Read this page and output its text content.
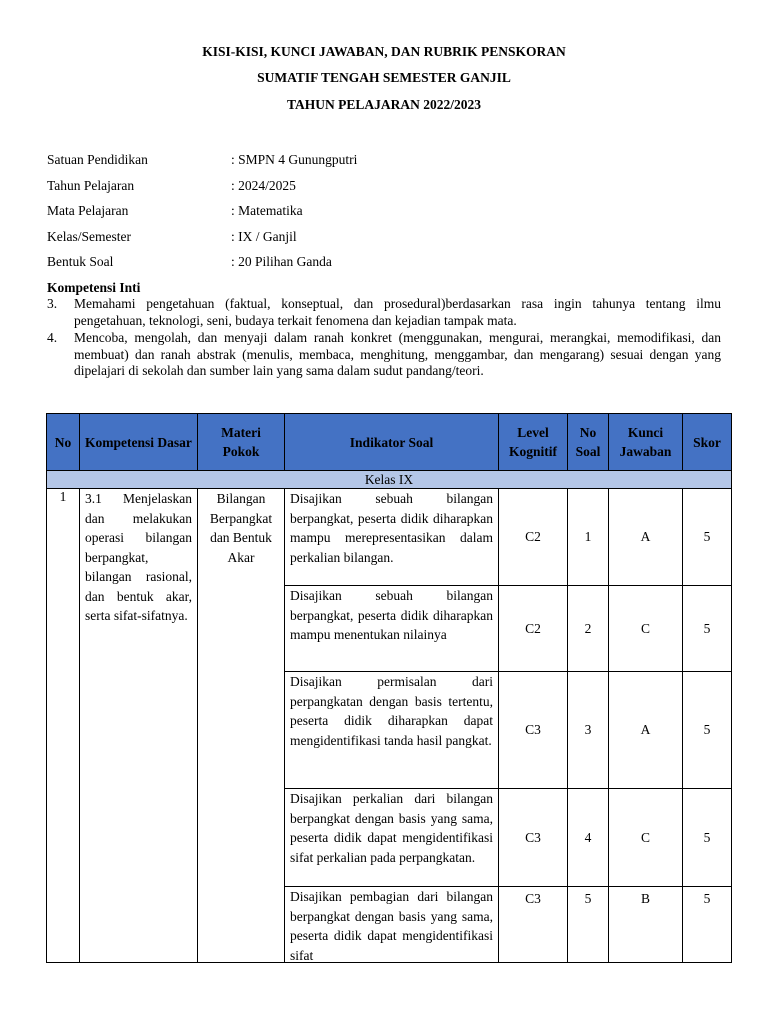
KISI-KISI, KUNCI JAWABAN, DAN RUBRIK PENSKORAN
SUMATIF TENGAH SEMESTER GANJIL
TAHUN PELAJARAN 2022/2023
Satuan Pendidikan	: SMPN 4 Gunungputri
Tahun Pelajaran	: 2024/2025
Mata Pelajaran	: Matematika
Kelas/Semester	: IX / Ganjil
Bentuk Soal	: 20 Pilihan Ganda
Kompetensi Inti
3. Memahami pengetahuan (faktual, konseptual, dan prosedural)berdasarkan rasa ingin tahunya tentang ilmu pengetahuan, teknologi, seni, budaya terkait fenomena dan kejadian tampak mata.
4. Mencoba, mengolah, dan menyaji dalam ranah konkret (menggunakan, mengurai, merangkai, memodifikasi, dan membuat) dan ranah abstrak (menulis, membaca, menghitung, menggambar, dan mengarang) sesuai dengan yang dipelajari di sekolah dan sumber lain yang sama dalam sudut pandang/teori.
No	Kompetensi Dasar	Materi Pokok	Indikator Soal	Level Kognitif	No Soal	Kunci Jawaban	Skor
Kelas IX							
1	3.1 Menjelaskan dan melakukan operasi bilangan berpangkat, bilangan rasional, dan bentuk akar, serta sifat-sifatnya.	Bilangan Berpangkat dan Bentuk Akar	Disajikan sebuah bilangan berpangkat, peserta didik diharapkan mampu merepresentasikan dalam perkalian bilangan.	C2	1	A	5
			Disajikan sebuah bilangan berpangkat, peserta didik diharapkan mampu menentukan nilainya	C2	2	C	5
			Disajikan permisalan dari perpangkatan dengan basis tertentu, peserta didik diharapkan dapat mengidentifikasi tanda hasil pangkat.	C3	3	A	5
			Disajikan perkalian dari bilangan berpangkat dengan basis yang sama, peserta didik dapat mengidentifikasi sifat perkalian pada perpangkatan.	C3	4	C	5

			Disajikan pembagian dari bilangan berpangkat dengan basis yang sama, peserta didik dapat mengidentifikasi sifat	C3	5	B	5
